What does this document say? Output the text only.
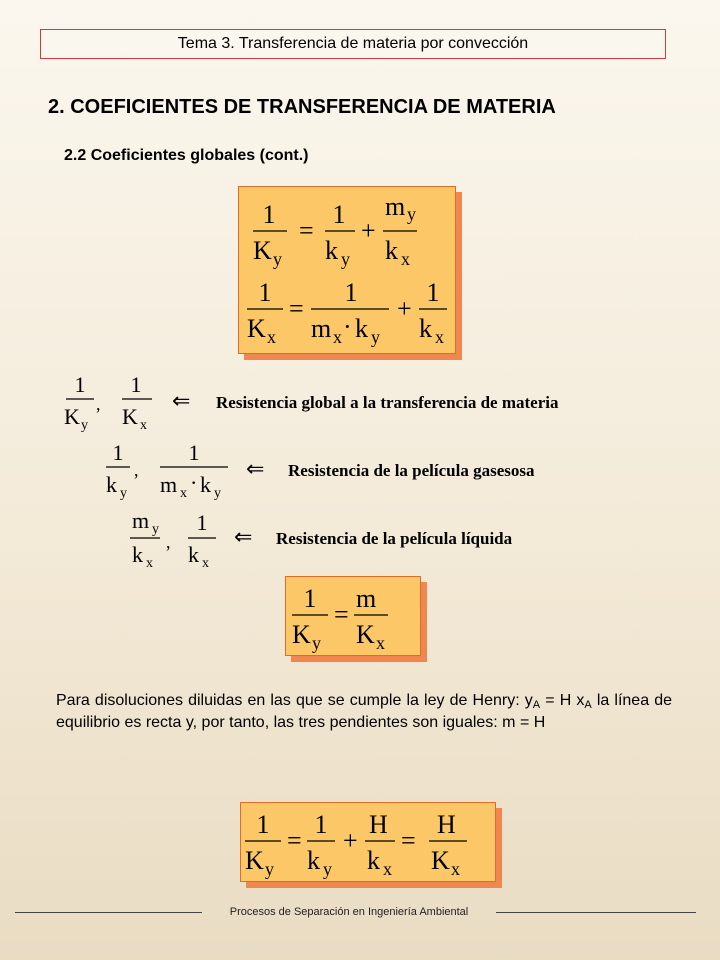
Tema 3. Transferencia de materia por convección
2. COEFICIENTES DE TRANSFERENCIA DE MATERIA
2.2 Coeficientes globales (cont.)
1
K y
=
1
k y
+
m y
k x
1
K x
=
1
m x · k y
+
1
k x
1
K y
,
1
K x
⇐ Resistencia global a la transferencia de materia
1
k y
,
1
m x · k y
⇐ Resistencia de la película gasesosa
m y
k x
,
1
k x
⇐ Resistencia de la película líquida
1
K y
=
m
K x
Para disoluciones diluidas en las que se cumple la ley de Henry: $y_A = H$ $x_A$ la línea de equilibrio es recta y, por tanto, las tres pendientes son iguales: m = H
1
K y
=
1
k y
+
H
k x
=
H
K x
Procesos de Separación en Ingeniería Ambiental
